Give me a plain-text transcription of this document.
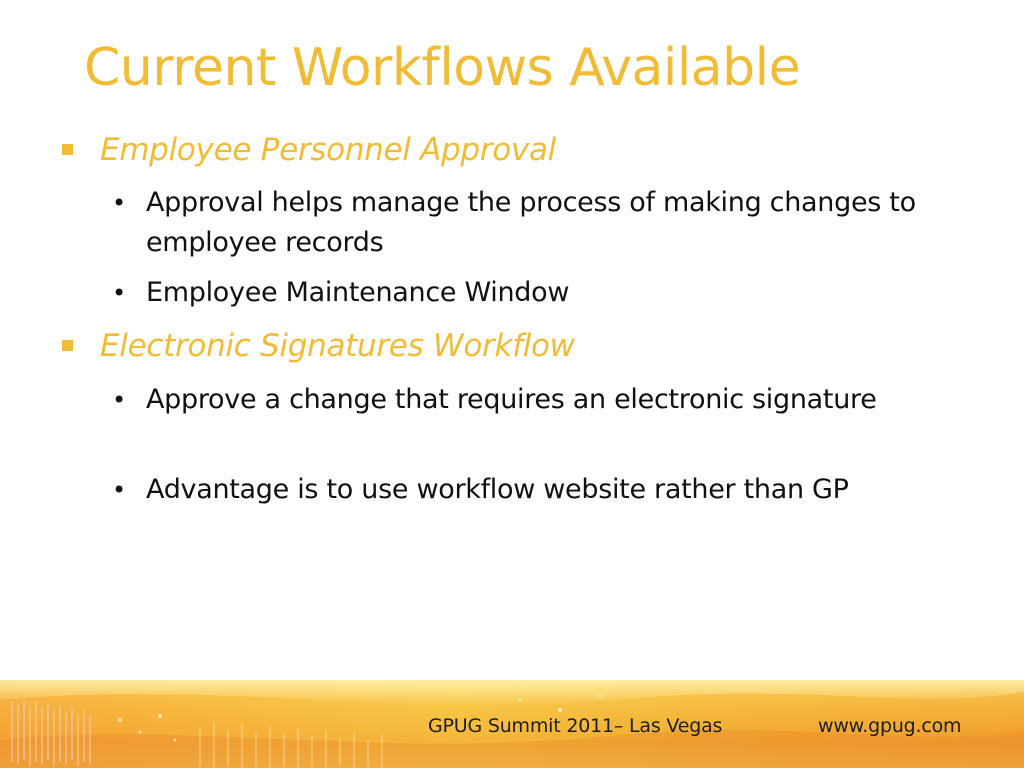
Current Workflows Available
Employee Personnel Approval
• Approval helps manage the process of making changes to employee records
• Employee Maintenance Window
Electronic Signatures Workflow
• Approve a change that requires an electronic signature
• Advantage is to use workflow website rather than GP
GPUG Summit 2011– Las Vegas	www.gpug.com
